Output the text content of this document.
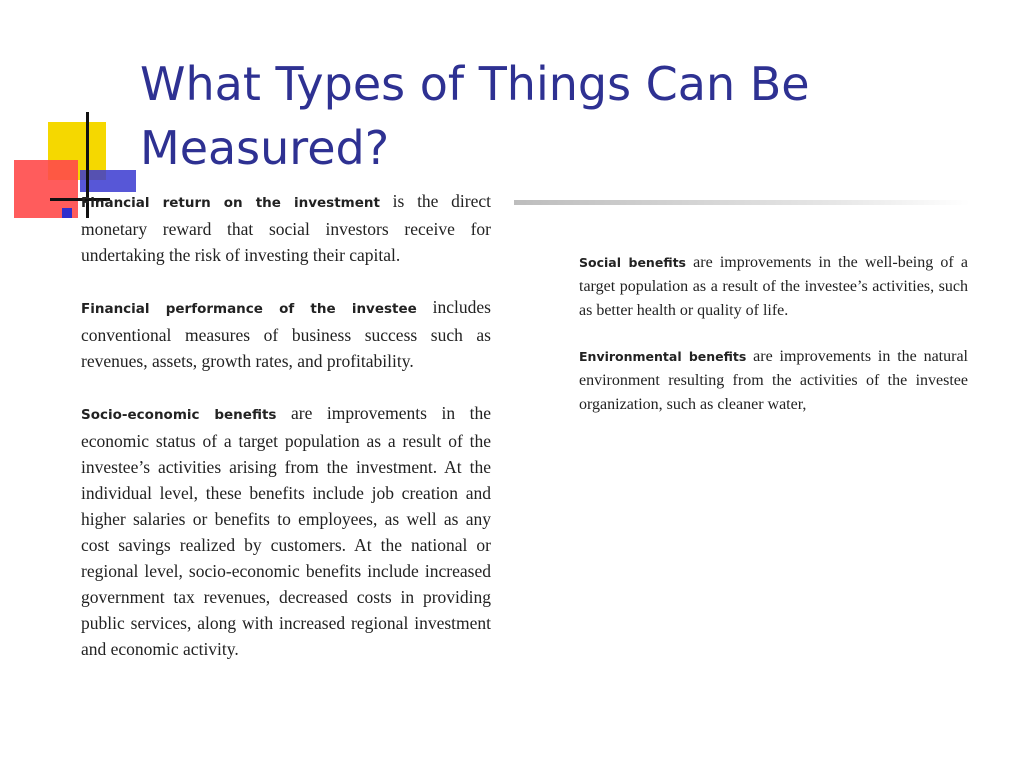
What Types of Things Can Be Measured?

Financial return on the investment is the direct monetary reward that social investors receive for undertaking the risk of investing their capital.

Financial performance of the investee includes conventional measures of business success such as revenues, assets, growth rates, and profitability.

Socio-economic benefits are improvements in the economic status of a target population as a result of the investee’s activities arising from the investment. At the individual level, these benefits include job creation and higher salaries or benefits to employees, as well as any cost savings realized by customers. At the national or regional level, socio-economic benefits include increased government tax revenues, decreased costs in providing public services, along with increased regional investment and economic activity.

Social benefits are improvements in the well-being of a target population as a result of the investee’s activities, such as better health or quality of life.

Environmental benefits are improvements in the natural environment resulting from the activities of the investee organization, such as cleaner water,
